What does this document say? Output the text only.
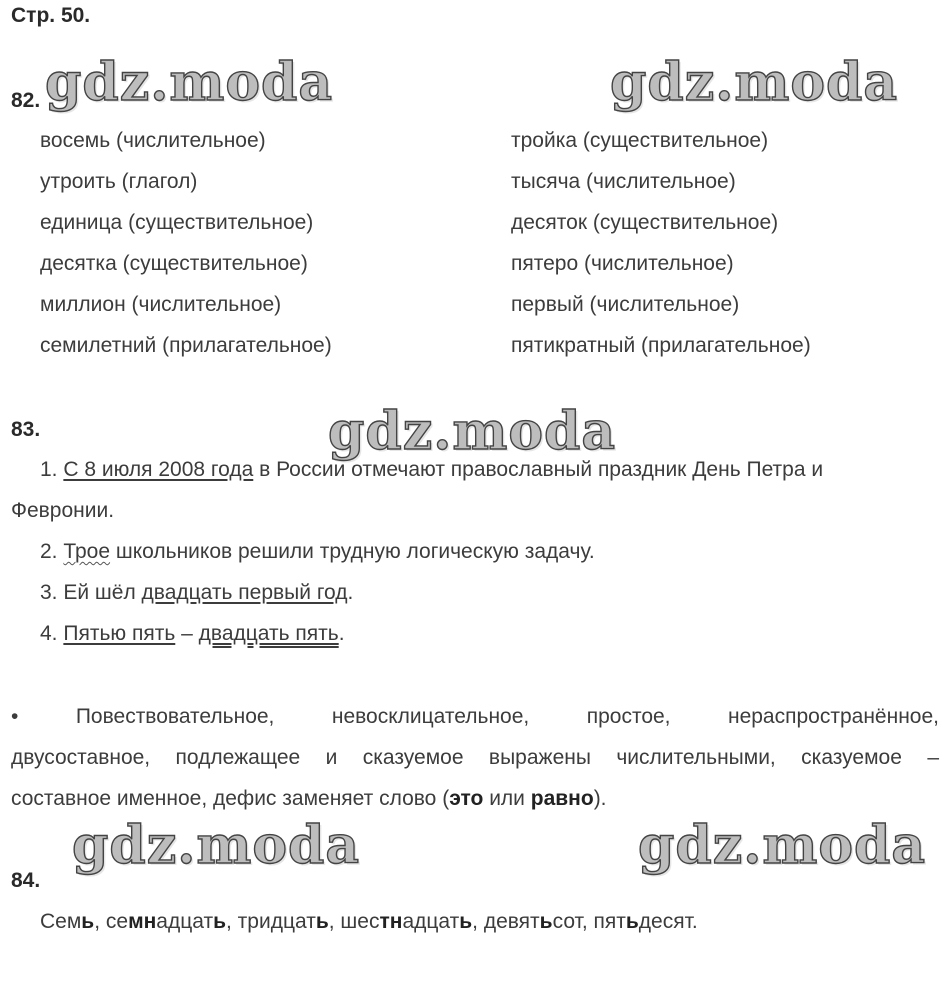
Стр. 50.
gdz.moda	gdz.moda
gdz.moda
gdz.moda	gdz.moda
82.
восемь (числительное)
утроить (глагол)
единица (существительное)
десятка (существительное)
миллион (числительное)
семилетний (прилагательное)
тройка (существительное)
тысяча (числительное)
десяток (существительное)
пятеро (числительное)
первый (числительное)
пятикратный (прилагательное)
83.
1. С 8 июля 2008 года в России отмечают православный праздник День Петра и
Февронии.
2. Трое школьников решили трудную логическую задачу.
3. Ей шёл двадцать первый год.
4. Пятью пять – двадцать пять.
• Повествовательное, невосклицательное, простое, нераспространённое,
двусоставное, подлежащее и сказуемое выражены числительными, сказуемое –
составное именное, дефис заменяет слово (это или равно).
84.
Семь, семнадцать, тридцать, шестнадцать, девятьсот, пятьдесят.
